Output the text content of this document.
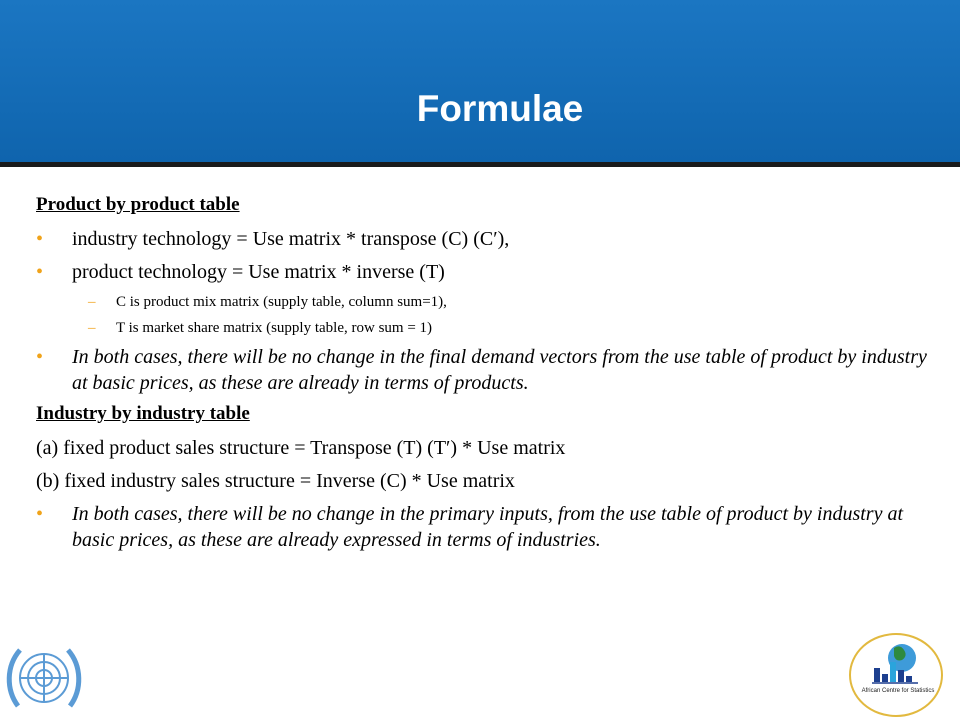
Formulae
Product by product table
• industry technology = Use matrix * transpose (C) (C′),
• product technology = Use matrix * inverse (T)
– C is product mix matrix (supply table, column sum=1),
– T is market share matrix (supply table, row sum = 1)
• In both cases, there will be no change in the final demand vectors from the use table of product by industry at basic prices, as these are already in terms of products.
Industry by industry table
(a) fixed product sales structure = Transpose (T) (T′) * Use matrix
(b) fixed industry sales structure = Inverse (C) * Use matrix
• In both cases, there will be no change in the primary inputs, from the use table of product by industry at basic prices, as these are already expressed in terms of industries.
African Centre for Statistics
